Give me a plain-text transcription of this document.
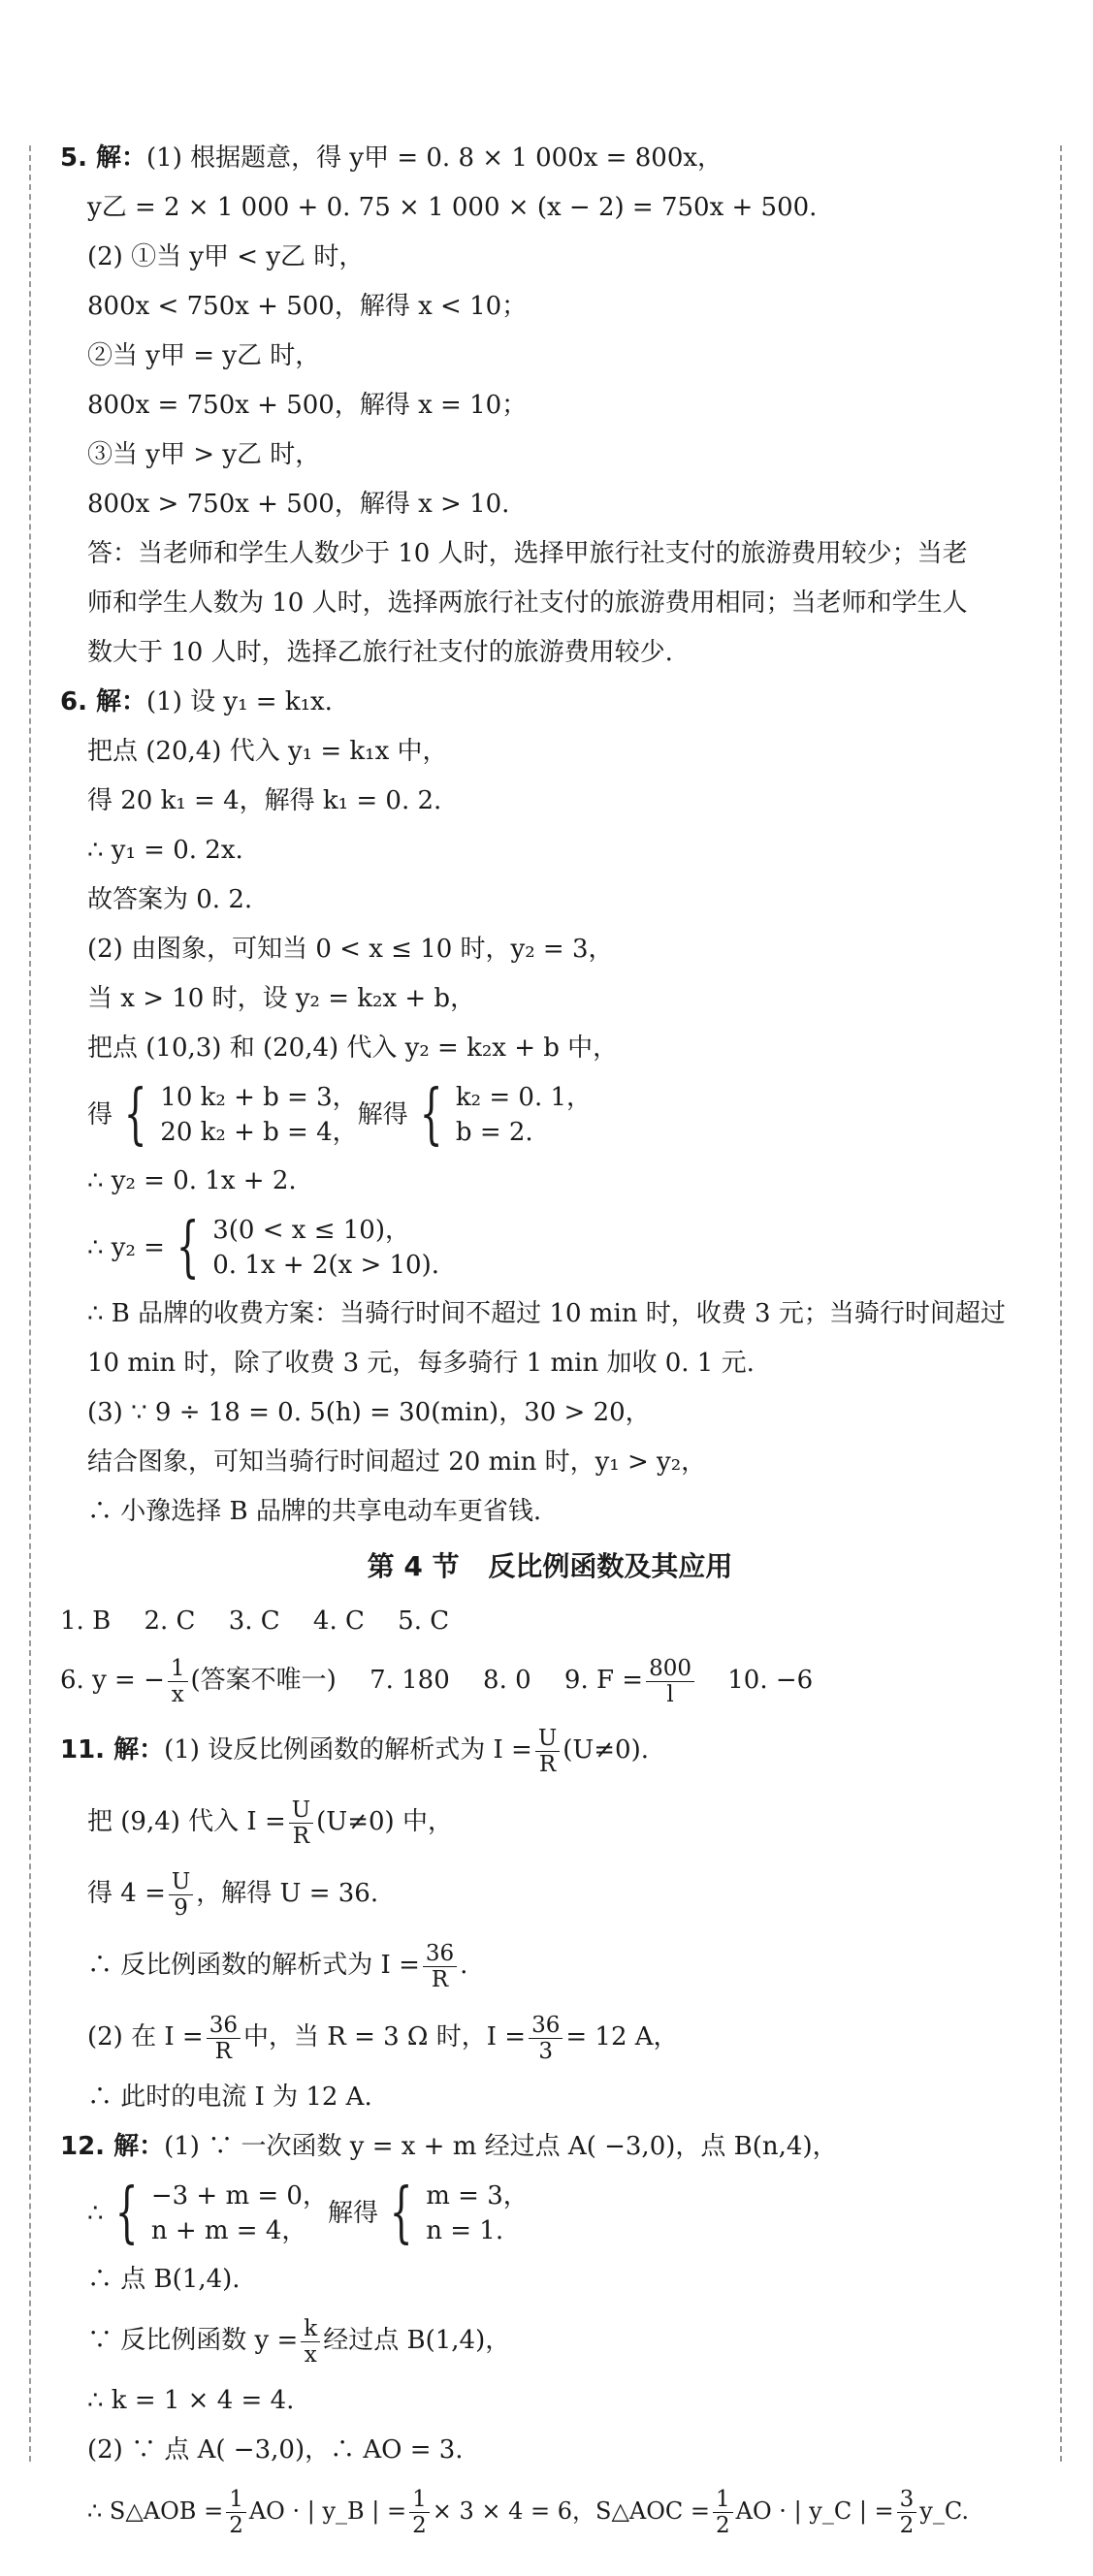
5. 解：(1) 根据题意，得 y甲 = 0. 8 × 1 000x = 800x，
y乙 = 2 × 1 000 + 0. 75 × 1 000 × (x − 2) = 750x + 500.
(2) ①当 y甲 < y乙 时，
800x < 750x + 500，解得 x < 10；
②当 y甲 = y乙 时，
800x = 750x + 500，解得 x = 10；
③当 y甲 > y乙 时，
800x > 750x + 500，解得 x > 10.
答：当老师和学生人数少于 10 人时，选择甲旅行社支付的旅游费用较少；当老
师和学生人数为 10 人时，选择两旅行社支付的旅游费用相同；当老师和学生人
数大于 10 人时，选择乙旅行社支付的旅游费用较少.
6. 解：(1) 设 y₁ = k₁x.
把点 (20,4) 代入 y₁ = k₁x 中，
得 20 k₁ = 4，解得 k₁ = 0. 2.
∴ y₁ = 0. 2x.
故答案为 0. 2.
(2) 由图象，可知当 0 < x ≤ 10 时，y₂ = 3，
当 x > 10 时，设 y₂ = k₂x + b，
把点 (10,3) 和 (20,4) 代入 y₂ = k₂x + b 中，
得 { 10 k₂ + b = 3，
20 k₂ + b = 4，
解得 { k₂ = 0. 1，
b = 2.
∴ y₂ = 0. 1x + 2.
∴ y₂ = { 3(0 < x ≤ 10)，
0. 1x + 2(x > 10).
∴ B 品牌的收费方案：当骑行时间不超过 10 min 时，收费 3 元；当骑行时间超过
10 min 时，除了收费 3 元，每多骑行 1 min 加收 0. 1 元.
(3) ∵ 9 ÷ 18 = 0. 5(h) = 30(min)，30 > 20，
结合图象，可知当骑行时间超过 20 min 时，y₁ > y₂，
∴ 小豫选择 B 品牌的共享电动车更省钱.
第 4 节 反比例函数及其应用
1. B 2. C 3. C 4. C 5. C
6. y = − $\frac{1}{x}$ (答案不唯一) 7. 180 8. 0 9. $F = \frac{800}{l} 10$. −6
11. 解：(1) 设反比例函数的解析式为 $I = \frac{U}{R} (U\ne 0)$.
把 (9,4) 代入 $I = \frac{U}{R} (U\ne 0)$ 中，
得 $4 = \frac{U}{9}$ ，解得 U = 36.
∴ 反比例函数的解析式为 $I = \frac{36}{R}$ .
(2) 在 $I = \frac{36}{R}$ 中，当 R = 3 Ω 时，$I = \frac{36}{3} = 12$ A，
∴ 此时的电流 I 为 12 A.
12. 解：(1) ∵ 一次函数 y = x + m 经过点 A( −3,0)，点 B(n,4)，
∴ { −3 + m = 0，
n + m = 4，
解得 { m = 3，
n = 1.
∴ 点 B(1,4).
∵ 反比例函数 $y = \frac{k}{x}$ 经过点 B(1,4)，
∴ k = 1 × 4 = 4.
(2) ∵ 点 A( −3,0)，∴ AO = 3.
∴ S△AOB = $\frac{1}{2}$ AO · | y_B | = $\frac{1}{2} \times 3 \times 4 = 6$，S△AOC = $\frac{1}{2}$ AO · | y_C | = $\frac{3}{2}$ y_C.
